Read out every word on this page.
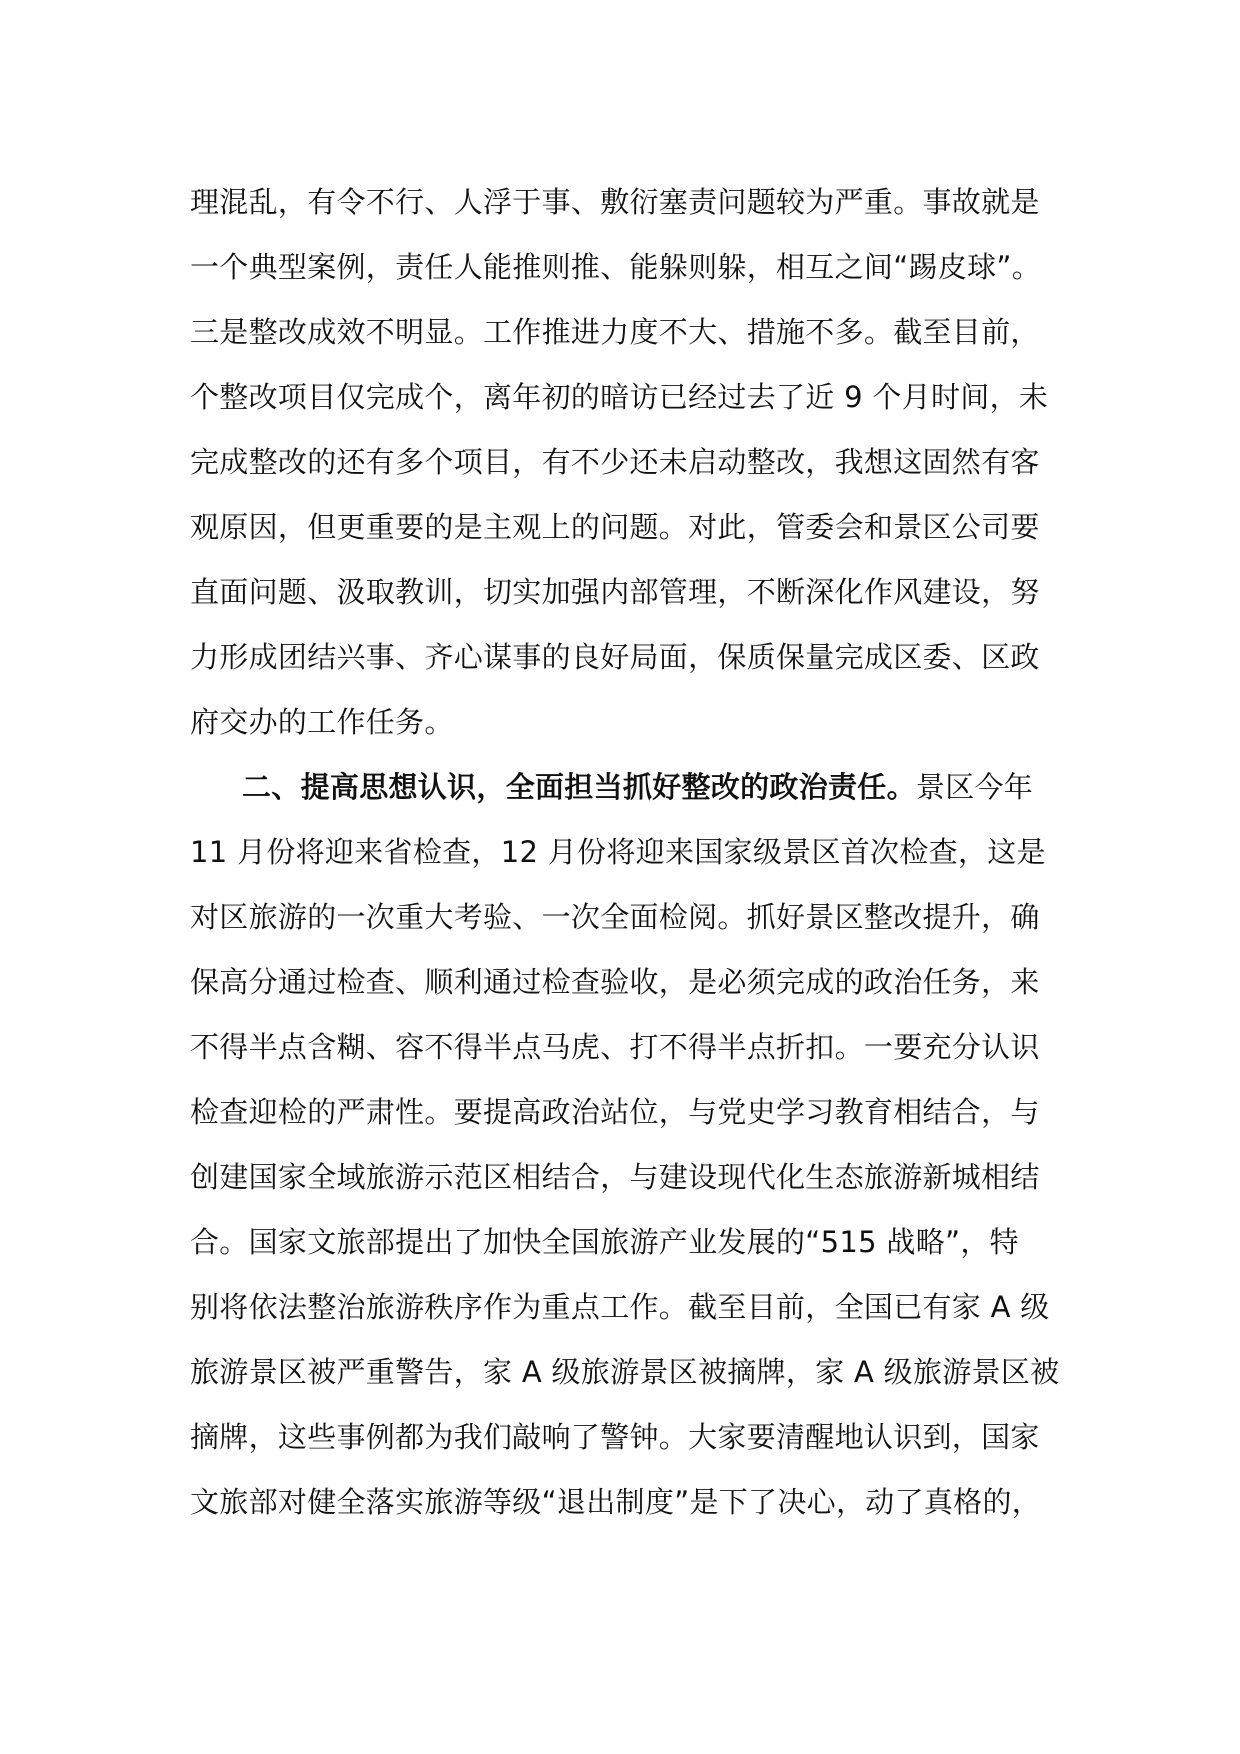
理混乱，有令不行、人浮于事、敷衍塞责问题较为严重。事故就是
一个典型案例，责任人能推则推、能躲则躲，相互之间“踢皮球”。
三是整改成效不明显。工作推进力度不大、措施不多。截至目前，
个整改项目仅完成个，离年初的暗访已经过去了近 9 个月时间，未
完成整改的还有多个项目，有不少还未启动整改，我想这固然有客
观原因，但更重要的是主观上的问题。对此，管委会和景区公司要
直面问题、汲取教训，切实加强内部管理，不断深化作风建设，努
力形成团结兴事、齐心谋事的良好局面，保质保量完成区委、区政
府交办的工作任务。
二、提高思想认识，全面担当抓好整改的政治责任。景区今年
11 月份将迎来省检查，12 月份将迎来国家级景区首次检查，这是
对区旅游的一次重大考验、一次全面检阅。抓好景区整改提升，确
保高分通过检查、顺利通过检查验收，是必须完成的政治任务，来
不得半点含糊、容不得半点马虎、打不得半点折扣。一要充分认识
检查迎检的严肃性。要提高政治站位，与党史学习教育相结合，与
创建国家全域旅游示范区相结合，与建设现代化生态旅游新城相结
合。国家文旅部提出了加快全国旅游产业发展的“515 战略”，特
别将依法整治旅游秩序作为重点工作。截至目前，全国已有家 A 级
旅游景区被严重警告，家 A 级旅游景区被摘牌，家 A 级旅游景区被
摘牌，这些事例都为我们敲响了警钟。大家要清醒地认识到，国家
文旅部对健全落实旅游等级“退出制度”是下了决心，动了真格的，
